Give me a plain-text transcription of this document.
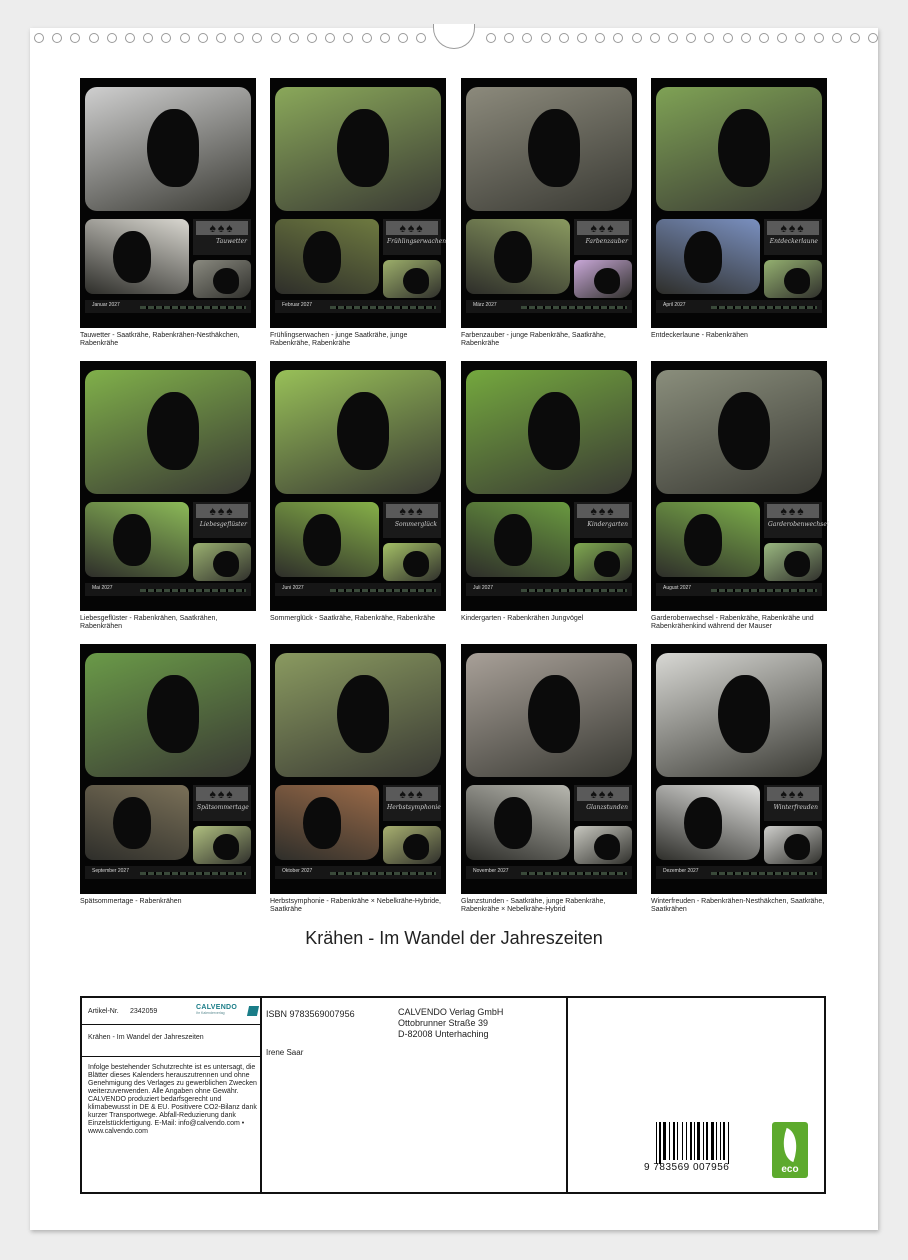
♠♠♠
Tauwetter
Januar 2027
Tauwetter - Saatkrähe, Rabenkrähen-Nesthäkchen, Rabenkrähe
♠♠♠
Frühlingserwachen
Februar 2027
Frühlingserwachen - junge Saatkrähe, junge Rabenkrähe, Rabenkrähe
♠♠♠
Farbenzauber
März 2027
Farbenzauber - junge Rabenkrähe, Saatkrähe, Rabenkrähe
♠♠♠
Entdeckerlaune
April 2027
Entdeckerlaune - Rabenkrähen
♠♠♠
Liebesgeflüster
Mai 2027
Liebesgeflüster - Rabenkrähen, Saatkrähen, Rabenkrähen
♠♠♠
Sommerglück
Juni 2027
Sommerglück - Saatkrähe, Rabenkrähe, Rabenkrähe
♠♠♠
Kindergarten
Juli 2027
Kindergarten - Rabenkrähen Jungvögel
♠♠♠
Garderobenwechsel
August 2027
Garderobenwechsel - Rabenkrähe, Rabenkrähe und Rabenkrähenkind während der Mauser
♠♠♠
Spätsommertage
September 2027
Spätsommertage - Rabenkrähen
♠♠♠
Herbstsymphonie
Oktober 2027
Herbstsymphonie - Rabenkrähe × Nebelkrähe-Hybride, Saatkrähe
♠♠♠
Glanzstunden
November 2027
Glanzstunden - Saatkrähe, junge Rabenkrähe, Rabenkrähe × Nebelkrähe-Hybrid
♠♠♠
Winterfreuden
Dezember 2027
Winterfreuden - Rabenkrähen-Nesthäkchen, Saatkrähe, Saatkrähen
Krähen - Im Wandel der Jahreszeiten
Artikel-Nr. 2342059
CALVENDO
Ihr Kalenderverlag
Krähen - Im Wandel der Jahreszeiten
Infolge bestehender Schutzrechte ist es untersagt, die Blätter dieses Kalenders herauszutrennen und ohne Genehmigung des Verlages zu gewerblichen Zwecken weiterzuverwenden. Alle Angaben ohne Gewähr. CALVENDO produziert bedarfsgerecht und klimabewusst in DE & EU. Positivere CO2-Bilanz dank kurzer Transportwege. Abfall-Reduzierung dank Einzelstückfertigung. E-Mail: info@calvendo.com • www.calvendo.com
ISBN 9783569007956
Irene Saar
CALVENDO Verlag GmbH
Ottobrunner Straße 39
D-82008 Unterhaching
9 783569 007956	eco
